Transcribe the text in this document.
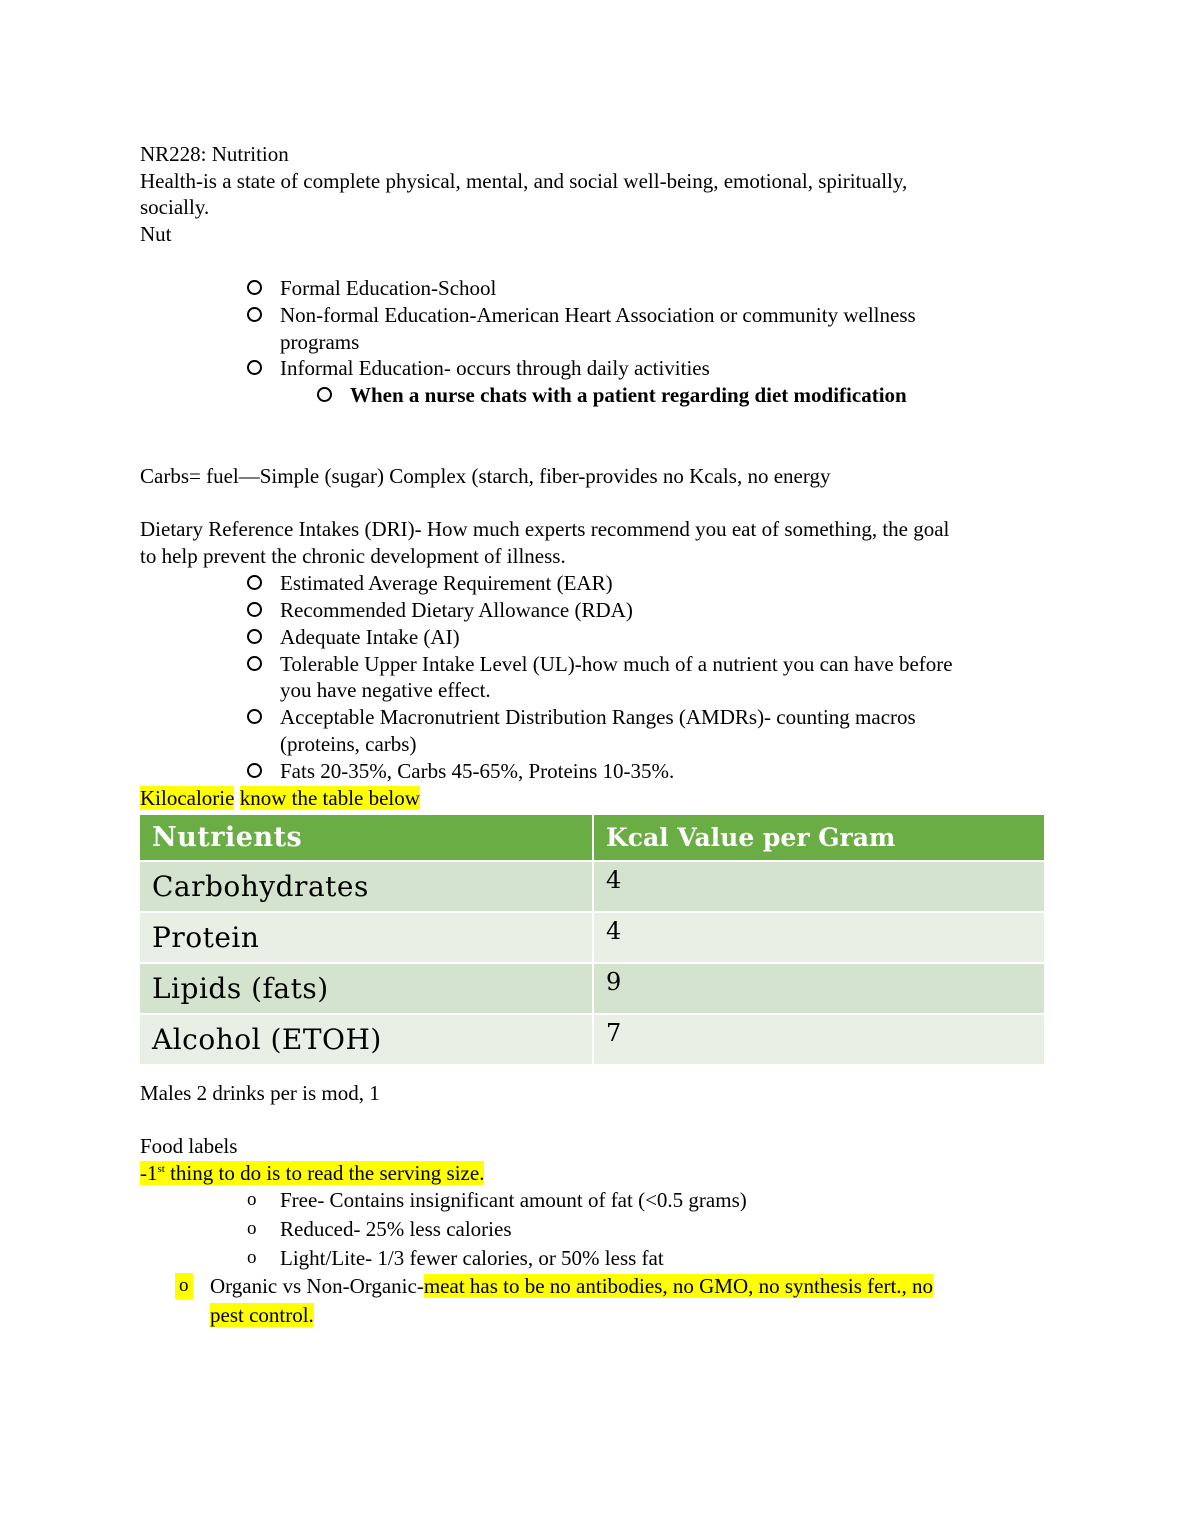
NR228: Nutrition
Health-is a state of complete physical, mental, and social well-being, emotional, spiritually,
socially.
Nut
Formal Education-School
Non-formal Education-American Heart Association or community wellness
programs
Informal Education- occurs through daily activities
When a nurse chats with a patient regarding diet modification
Carbs= fuel—Simple (sugar) Complex (starch, fiber-provides no Kcals, no energy
Dietary Reference Intakes (DRI)- How much experts recommend you eat of something, the goal
to help prevent the chronic development of illness.
Estimated Average Requirement (EAR)
Recommended Dietary Allowance (RDA)
Adequate Intake (AI)
Tolerable Upper Intake Level (UL)-how much of a nutrient you can have before
you have negative effect.
Acceptable Macronutrient Distribution Ranges (AMDRs)- counting macros
(proteins, carbs)
Fats 20-35%, Carbs 45-65%, Proteins 10-35%.
Kilocalorie know the table below
Nutrients	Kcal Value per Gram
Carbohydrates	4
Protein	4
Lipids (fats)	9
Alcohol (ETOH)	7
Males 2 drinks per is mod, 1
Food labels
-1st thing to do is to read the serving size.
o Free- Contains insignificant amount of fat (<0.5 grams)
o Reduced- 25% less calories
o Light/Lite- 1/3 fewer calories, or 50% less fat
o Organic vs Non-Organic-meat has to be no antibodies, no GMO, no synthesis fert., no
pest control.
